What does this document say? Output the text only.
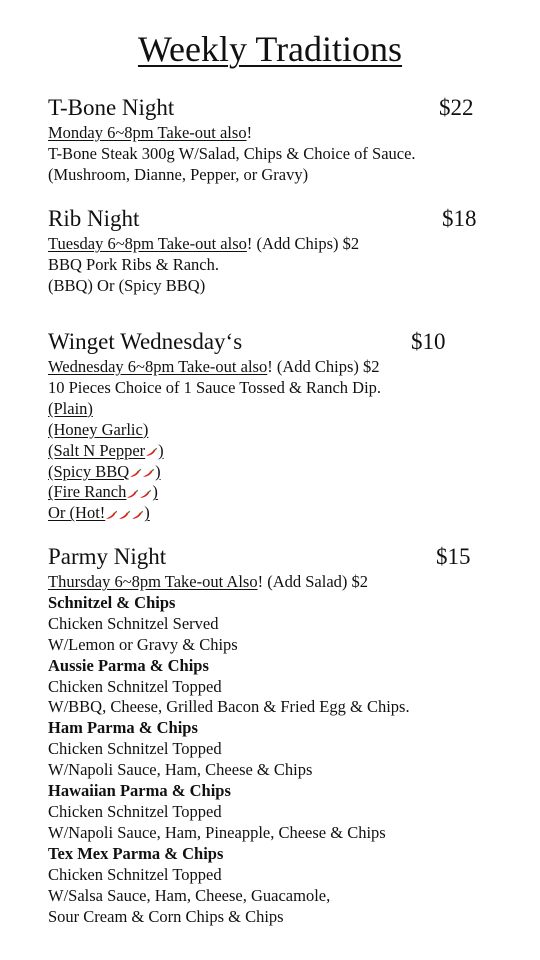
Weekly Traditions
T-Bone Night	$22
Monday 6~8pm Take-out also!
T-Bone Steak 300g W/Salad, Chips & Choice of Sauce.
(Mushroom, Dianne, Pepper, or Gravy)
Rib Night	$18
Tuesday 6~8pm Take-out also! (Add Chips) $2
BBQ Pork Ribs & Ranch.
(BBQ) Or (Spicy BBQ)
Winget Wednesday‘s	$10
Wednesday 6~8pm Take-out also! (Add Chips) $2
10 Pieces Choice of 1 Sauce Tossed & Ranch Dip.
(Plain)
(Honey Garlic)
(Salt N Pepper )
(Spicy BBQ )
(Fire Ranch )
Or (Hot! )
Parmy Night	$15
Thursday 6~8pm Take-out Also! (Add Salad) $2
Schnitzel & Chips
Chicken Schnitzel Served
W/Lemon or Gravy & Chips
Aussie Parma & Chips
Chicken Schnitzel Topped
W/BBQ, Cheese, Grilled Bacon & Fried Egg & Chips.
Ham Parma & Chips
Chicken Schnitzel Topped
W/Napoli Sauce, Ham, Cheese & Chips
Hawaiian Parma & Chips
Chicken Schnitzel Topped
W/Napoli Sauce, Ham, Pineapple, Cheese & Chips
Tex Mex Parma & Chips
Chicken Schnitzel Topped
W/Salsa Sauce, Ham, Cheese, Guacamole,
Sour Cream & Corn Chips & Chips
